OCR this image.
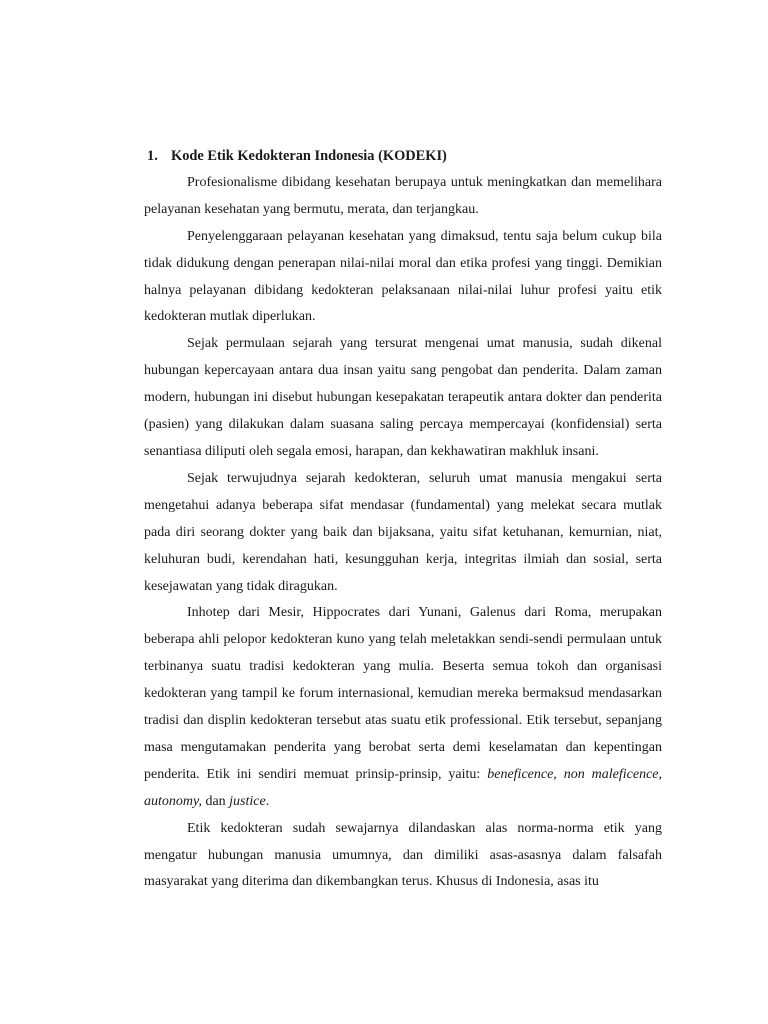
1. Kode Etik Kedokteran Indonesia (KODEKI)

Profesionalisme dibidang kesehatan berupaya untuk meningkatkan dan memelihara pelayanan kesehatan yang bermutu, merata, dan terjangkau.

Penyelenggaraan pelayanan kesehatan yang dimaksud, tentu saja belum cukup bila tidak didukung dengan penerapan nilai-nilai moral dan etika profesi yang tinggi. Demikian halnya pelayanan dibidang kedokteran pelaksanaan nilai-nilai luhur profesi yaitu etik kedokteran mutlak diperlukan.

Sejak permulaan sejarah yang tersurat mengenai umat manusia, sudah dikenal hubungan kepercayaan antara dua insan yaitu sang pengobat dan penderita. Dalam zaman modern, hubungan ini disebut hubungan kesepakatan terapeutik antara dokter dan penderita (pasien) yang dilakukan dalam suasana saling percaya mempercayai (konfidensial) serta senantiasa diliputi oleh segala emosi, harapan, dan kekhawatiran makhluk insani.

Sejak terwujudnya sejarah kedokteran, seluruh umat manusia mengakui serta mengetahui adanya beberapa sifat mendasar (fundamental) yang melekat secara mutlak pada diri seorang dokter yang baik dan bijaksana, yaitu sifat ketuhanan, kemurnian, niat, keluhuran budi, kerendahan hati, kesungguhan kerja, integritas ilmiah dan sosial, serta kesejawatan yang tidak diragukan.

Inhotep dari Mesir, Hippocrates dari Yunani, Galenus dari Roma, merupakan beberapa ahli pelopor kedokteran kuno yang telah meletakkan sendi-sendi permulaan untuk terbinanya suatu tradisi kedokteran yang mulia. Beserta semua tokoh dan organisasi kedokteran yang tampil ke forum internasional, kemudian mereka bermaksud mendasarkan tradisi dan displin kedokteran tersebut atas suatu etik professional. Etik tersebut, sepanjang masa mengutamakan penderita yang berobat serta demi keselamatan dan kepentingan penderita. Etik ini sendiri memuat prinsip-prinsip, yaitu: beneficence, non maleficence, autonomy, dan justice.

Etik kedokteran sudah sewajarnya dilandaskan alas norma-norma etik yang mengatur hubungan manusia umumnya, dan dimiliki asas-asasnya dalam falsafah masyarakat yang diterima dan dikembangkan terus. Khusus di Indonesia, asas itu
